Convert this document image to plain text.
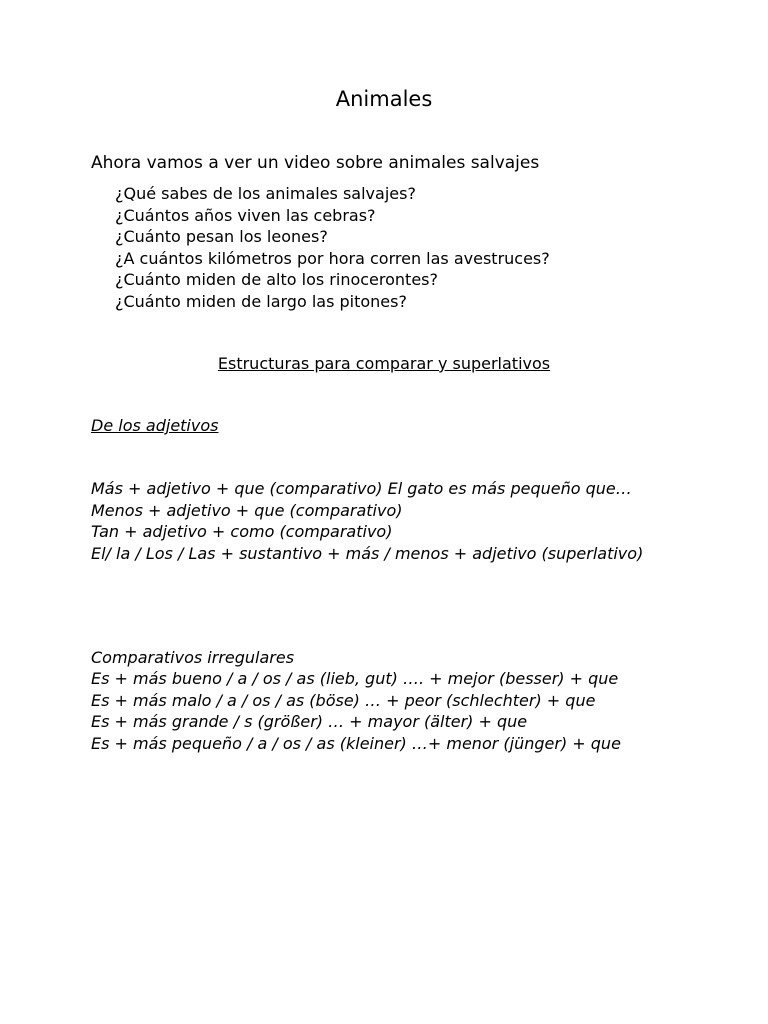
Animales
Ahora vamos a ver un video sobre animales salvajes
¿Qué sabes de los animales salvajes?
¿Cuántos años viven las cebras?
¿Cuánto pesan los leones?
¿A cuántos kilómetros por hora corren las avestruces?
¿Cuánto miden de alto los rinocerontes?
¿Cuánto miden de largo las pitones?
Estructuras para comparar y superlativos
De los adjetivos
Más + adjetivo + que (comparativo) El gato es más pequeño que…
Menos + adjetivo + que (comparativo)
Tan + adjetivo + como (comparativo)
El/ la / Los / Las + sustantivo + más / menos + adjetivo (superlativo)
Comparativos irregulares
Es + más bueno / a / os / as (lieb, gut) …. + mejor (besser) + que
Es + más malo / a / os / as (böse) … + peor (schlechter) + que
Es + más grande / s (größer) … + mayor (älter) + que
Es + más pequeño / a / os / as (kleiner) …+ menor (jünger) + que
